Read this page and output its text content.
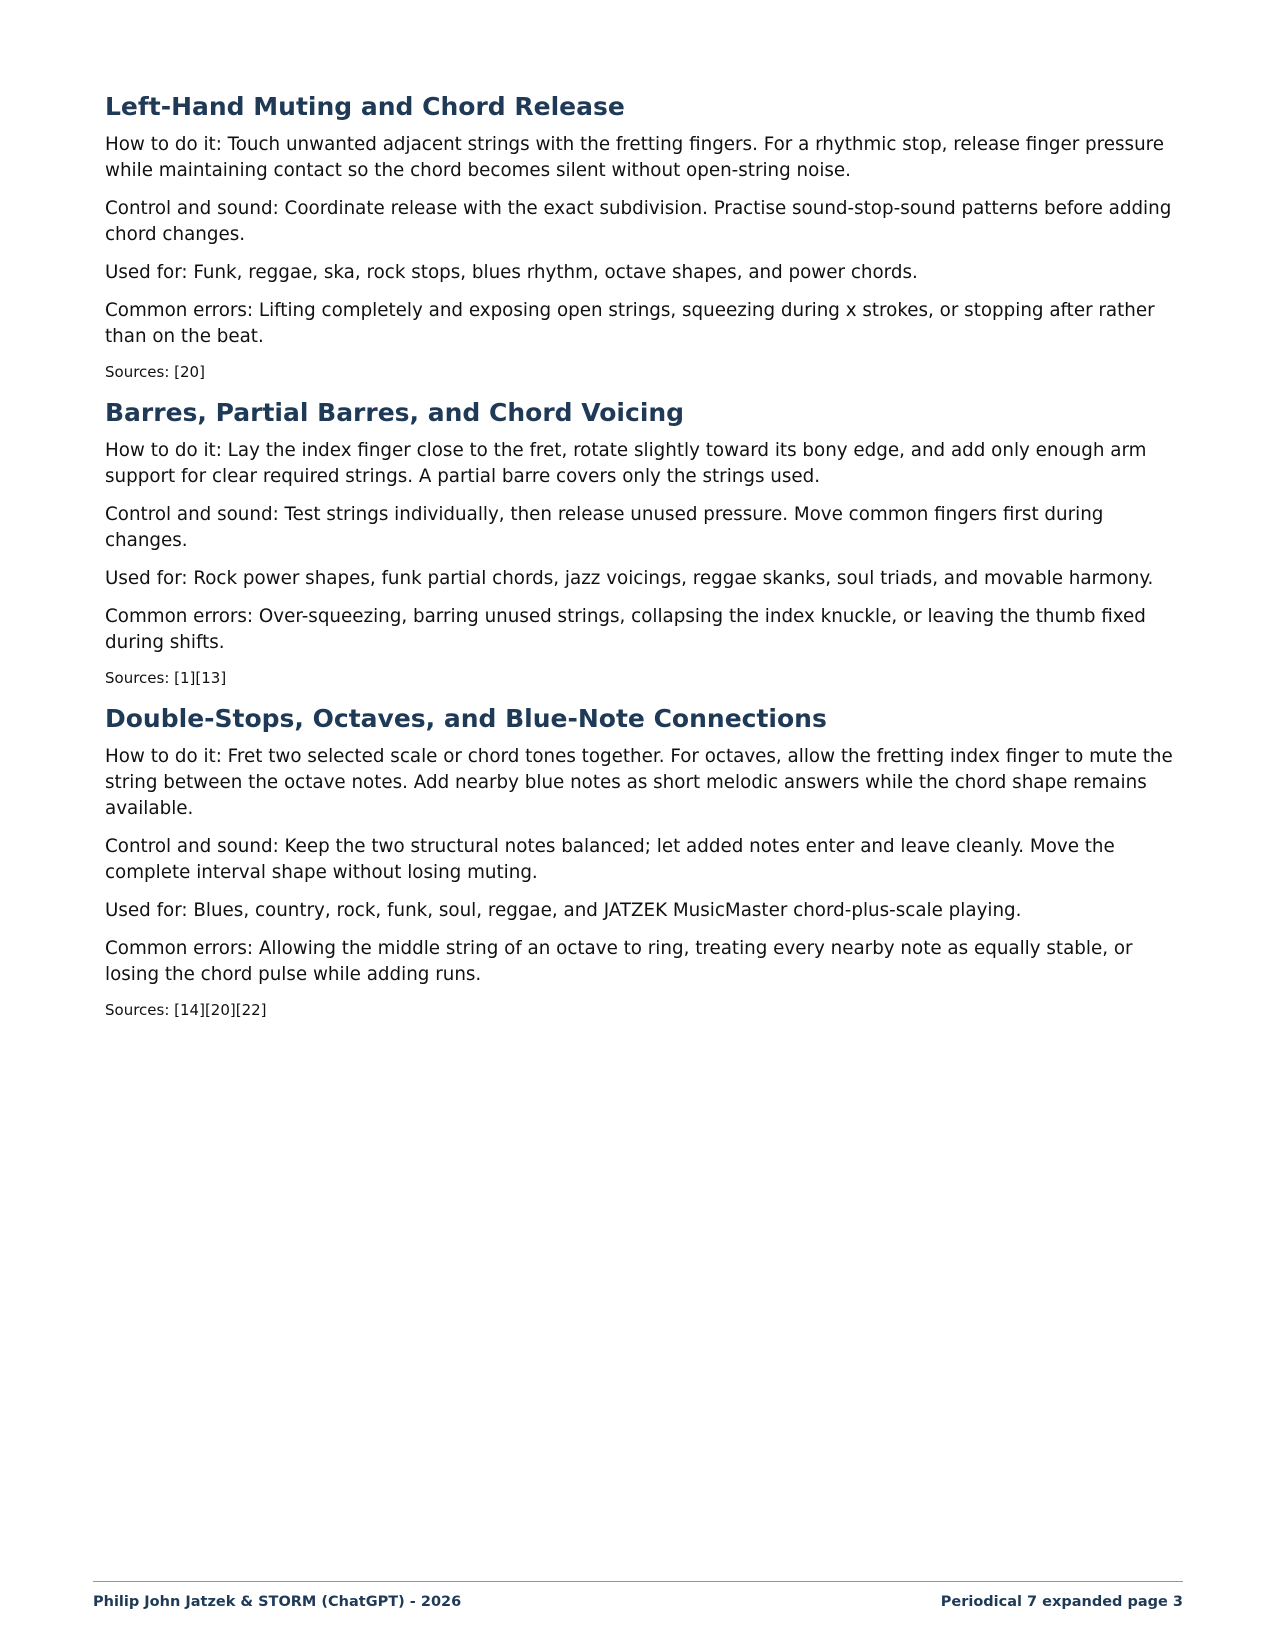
Left-Hand Muting and Chord Release

How to do it: Touch unwanted adjacent strings with the fretting fingers. For a rhythmic stop, release finger pressure while maintaining contact so the chord becomes silent without open-string noise.

Control and sound: Coordinate release with the exact subdivision. Practise sound-stop-sound patterns before adding chord changes.

Used for: Funk, reggae, ska, rock stops, blues rhythm, octave shapes, and power chords.

Common errors: Lifting completely and exposing open strings, squeezing during x strokes, or stopping after rather than on the beat.

Sources: [20]

Barres, Partial Barres, and Chord Voicing

How to do it: Lay the index finger close to the fret, rotate slightly toward its bony edge, and add only enough arm support for clear required strings. A partial barre covers only the strings used.

Control and sound: Test strings individually, then release unused pressure. Move common fingers first during changes.

Used for: Rock power shapes, funk partial chords, jazz voicings, reggae skanks, soul triads, and movable harmony.

Common errors: Over-squeezing, barring unused strings, collapsing the index knuckle, or leaving the thumb fixed during shifts.

Sources: [1][13]

Double-Stops, Octaves, and Blue-Note Connections

How to do it: Fret two selected scale or chord tones together. For octaves, allow the fretting index finger to mute the string between the octave notes. Add nearby blue notes as short melodic answers while the chord shape remains available.

Control and sound: Keep the two structural notes balanced; let added notes enter and leave cleanly. Move the complete interval shape without losing muting.

Used for: Blues, country, rock, funk, soul, reggae, and JATZEK MusicMaster chord-plus-scale playing.

Common errors: Allowing the middle string of an octave to ring, treating every nearby note as equally stable, or losing the chord pulse while adding runs.

Sources: [14][20][22]

Philip John Jatzek & STORM (ChatGPT) - 2026	Periodical 7 expanded page 3
